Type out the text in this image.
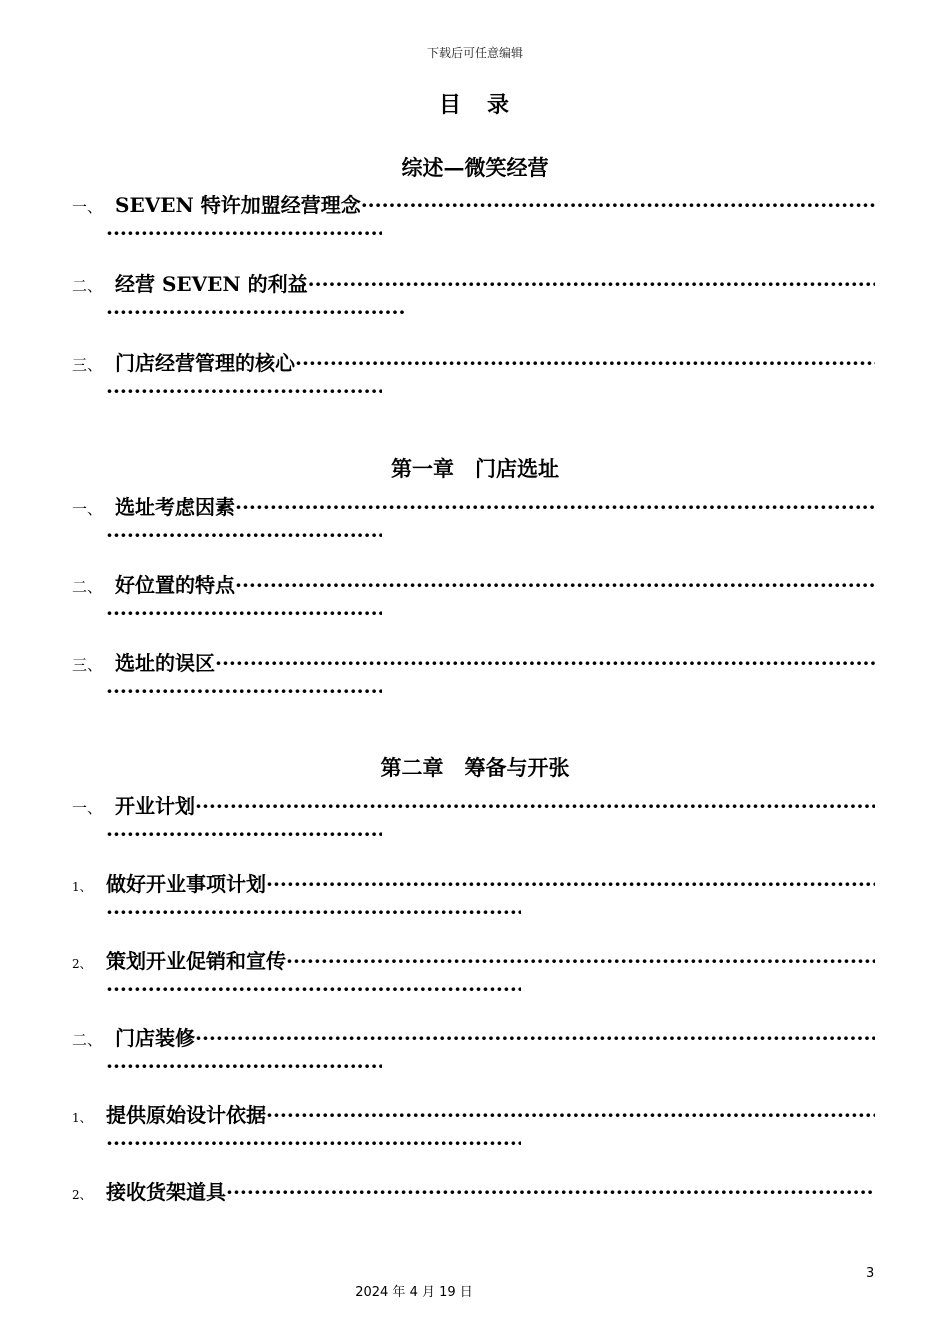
下载后可任意编辑
目　录
综述—微笑经营
一、 SEVEN 特许加盟经营理念 ·····
·····
二、 经营 SEVEN 的利益 ·····
·····
三、 门店经营管理的核心 ·····
·····
第一章　门店选址
一、 选址考虑因素 ·····
·····
二、 好位置的特点 ·····
·····
三、 选址的误区 ·····
·····
第二章　筹备与开张
一、 开业计划 ·····
·····
1、 做好开业事项计划 ·····
·····
2、 策划开业促销和宣传 ·····
·····
二、 门店装修 ·····
·····
1、 提供原始设计依据 ·····
·····
2、 接收货架道具 ·····
3
2024 年 4 月 19 日
